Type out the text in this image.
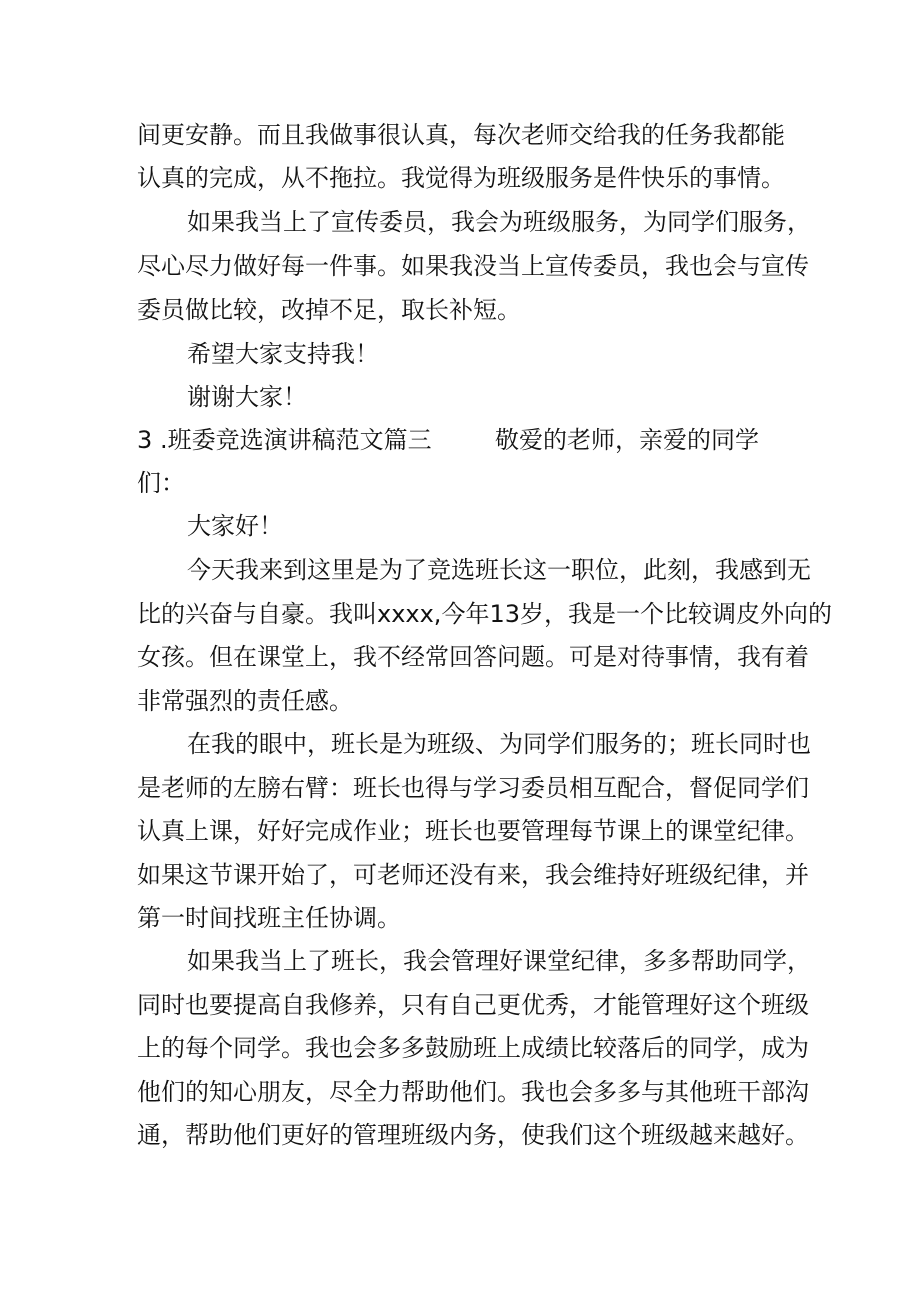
间更安静。而且我做事很认真，每次老师交给我的任务我都能
认真的完成，从不拖拉。我觉得为班级服务是件快乐的事情。
如果我当上了宣传委员，我会为班级服务，为同学们服务，
尽心尽力做好每一件事。如果我没当上宣传委员，我也会与宣传
委员做比较，改掉不足，取长补短。
希望大家支持我！
谢谢大家！
3 .班委竞选演讲稿范文篇三	敬爱的老师，亲爱的同学
们：
大家好！
今天我来到这里是为了竞选班长这一职位，此刻，我感到无
比的兴奋与自豪。我叫xxxx,今年13岁，我是一个比较调皮外向的
女孩。但在课堂上，我不经常回答问题。可是对待事情，我有着
非常强烈的责任感。
在我的眼中，班长是为班级、为同学们服务的；班长同时也
是老师的左膀右臂：班长也得与学习委员相互配合，督促同学们
认真上课，好好完成作业；班长也要管理每节课上的课堂纪律。
如果这节课开始了，可老师还没有来，我会维持好班级纪律，并
第一时间找班主任协调。
如果我当上了班长，我会管理好课堂纪律，多多帮助同学，
同时也要提高自我修养，只有自己更优秀，才能管理好这个班级
上的每个同学。我也会多多鼓励班上成绩比较落后的同学，成为
他们的知心朋友，尽全力帮助他们。我也会多多与其他班干部沟
通，帮助他们更好的管理班级内务，使我们这个班级越来越好。
